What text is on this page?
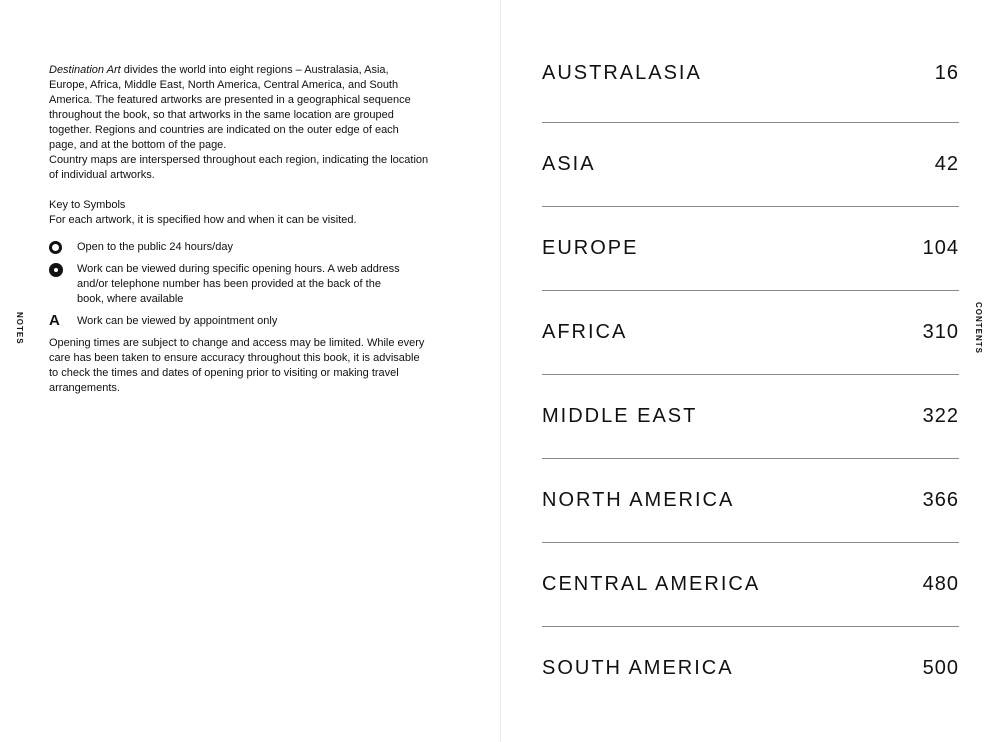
NOTES

Destination Art divides the world into eight regions – Australasia, Asia, Europe, Africa, Middle East, North America, Central America, and South America. The featured artworks are presented in a geographical sequence throughout the book, so that artworks in the same location are grouped together. Regions and countries are indicated on the outer edge of each page, and at the bottom of the page.

Country maps are interspersed throughout each region, indicating the location of individual artworks.

Key to Symbols

For each artwork, it is specified how and when it can be visited.

Open to the public 24 hours/day
Work can be viewed during specific opening hours. A web address and/or telephone number has been provided at the back of the book, where available
A Work can be viewed by appointment only

Opening times are subject to change and access may be limited. While every care has been taken to ensure accuracy throughout this book, it is advisable to check the times and dates of opening prior to visiting or making travel arrangements.

AUSTRALASIA	16
ASIA	42
EUROPE	104
AFRICA	310
MIDDLE EAST	322
NORTH AMERICA	366
CENTRAL AMERICA	480
SOUTH AMERICA	500
CONTENTS
